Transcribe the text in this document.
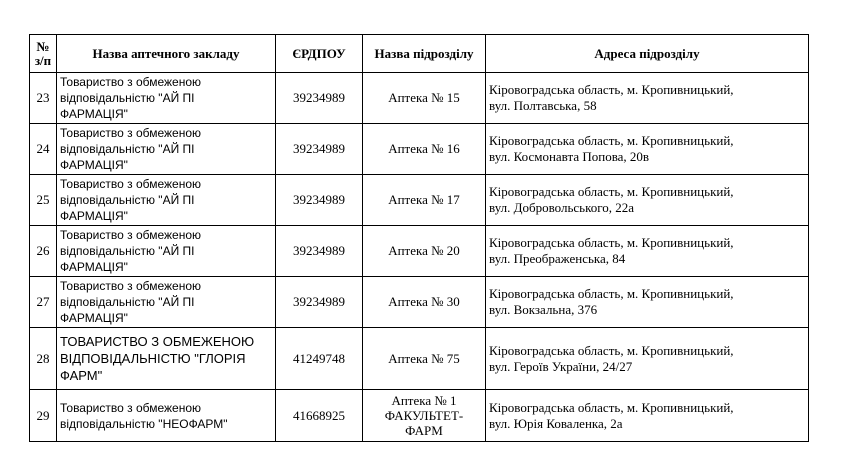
№
з/п	Назва аптечного закладу	ЄРДПОУ	Назва підрозділу	Адреса підрозділу

23	Товариство з обмеженою
відповідальністю "АЙ ПІ
ФАРМАЦІЯ"	39234989	Аптека № 15	Кіровоградська область, м. Кропивницький,
вул. Полтавська, 58

24	Товариство з обмеженою
відповідальністю "АЙ ПІ
ФАРМАЦІЯ"	39234989	Аптека № 16	Кіровоградська область, м. Кропивницький,
вул. Космонавта Попова, 20в

25	Товариство з обмеженою
відповідальністю "АЙ ПІ
ФАРМАЦІЯ"	39234989	Аптека № 17	Кіровоградська область, м. Кропивницький,
вул. Добровольського, 22а

26	Товариство з обмеженою
відповідальністю "АЙ ПІ
ФАРМАЦІЯ"	39234989	Аптека № 20	Кіровоградська область, м. Кропивницький,
вул. Преображенська, 84

27	Товариство з обмеженою
відповідальністю "АЙ ПІ
ФАРМАЦІЯ"	39234989	Аптека № 30	Кіровоградська область, м. Кропивницький,
вул. Вокзальна, 376

28	ТОВАРИСТВО З ОБМЕЖЕНОЮ
ВІДПОВІДАЛЬНІСТЮ "ГЛОРІЯ
ФАРМ"	41249748	Аптека № 75	Кіровоградська область, м. Кропивницький,
вул. Героїв України, 24/27

29	Товариство з обмеженою
відповідальністю "НЕОФАРМ"	41668925	Аптека № 1
ФАКУЛЬТЕТ-
ФАРМ	Кіровоградська область, м. Кропивницький,
вул. Юрія Коваленка, 2а
